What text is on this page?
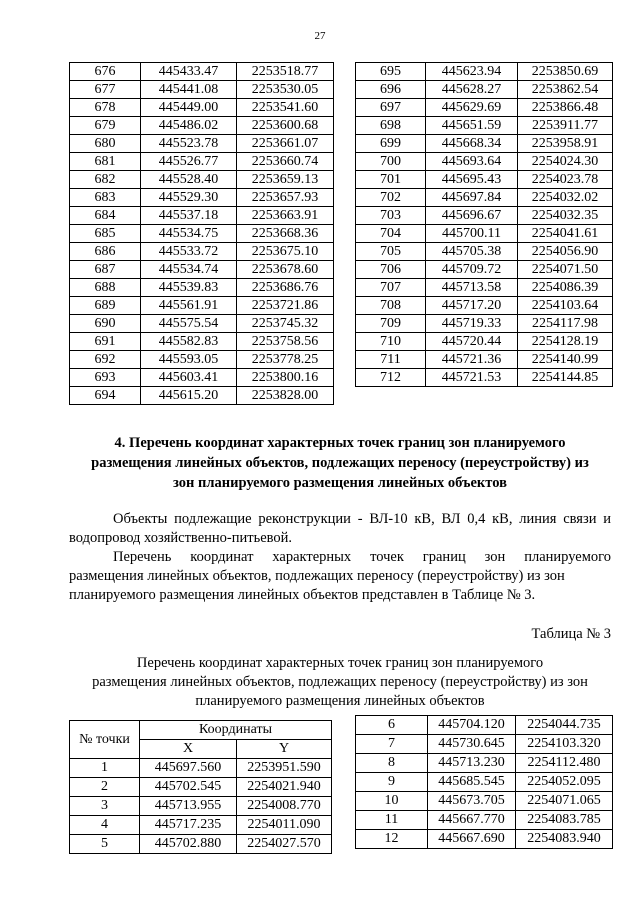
27
676	445433.47	2253518.77
677	445441.08	2253530.05
678	445449.00	2253541.60
679	445486.02	2253600.68
680	445523.78	2253661.07
681	445526.77	2253660.74
682	445528.40	2253659.13
683	445529.30	2253657.93
684	445537.18	2253663.91
685	445534.75	2253668.36
686	445533.72	2253675.10
687	445534.74	2253678.60
688	445539.83	2253686.76
689	445561.91	2253721.86
690	445575.54	2253745.32
691	445582.83	2253758.56
692	445593.05	2253778.25
693	445603.41	2253800.16
694	445615.20	2253828.00
695	445623.94	2253850.69
696	445628.27	2253862.54
697	445629.69	2253866.48
698	445651.59	2253911.77
699	445668.34	2253958.91
700	445693.64	2254024.30
701	445695.43	2254023.78
702	445697.84	2254032.02
703	445696.67	2254032.35
704	445700.11	2254041.61
705	445705.38	2254056.90
706	445709.72	2254071.50
707	445713.58	2254086.39
708	445717.20	2254103.64
709	445719.33	2254117.98
710	445720.44	2254128.19
711	445721.36	2254140.99
712	445721.53	2254144.85
4. Перечень координат характерных точек границ зон планируемого
размещения линейных объектов, подлежащих переносу (переустройству) из
зон планируемого размещения линейных объектов
Объекты подлежащие реконструкции - ВЛ-10 кВ, ВЛ 0,4 кВ, линия связи и
водопровод хозяйственно-питьевой.
Перечень координат характерных точек границ зон планируемого
размещения линейных объектов, подлежащих переносу (переустройству) из зон
планируемого размещения линейных объектов представлен в Таблице № 3.
Таблица № 3
Перечень координат характерных точек границ зон планируемого
размещения линейных объектов, подлежащих переносу (переустройству) из зон
планируемого размещения линейных объектов
№ точки	Координаты	
	X	Y
1	445697.560	2253951.590
2	445702.545	2254021.940
3	445713.955	2254008.770
4	445717.235	2254011.090
5	445702.880	2254027.570
6	445704.120	2254044.735
7	445730.645	2254103.320
8	445713.230	2254112.480
9	445685.545	2254052.095
10	445673.705	2254071.065
11	445667.770	2254083.785
12	445667.690	2254083.940
